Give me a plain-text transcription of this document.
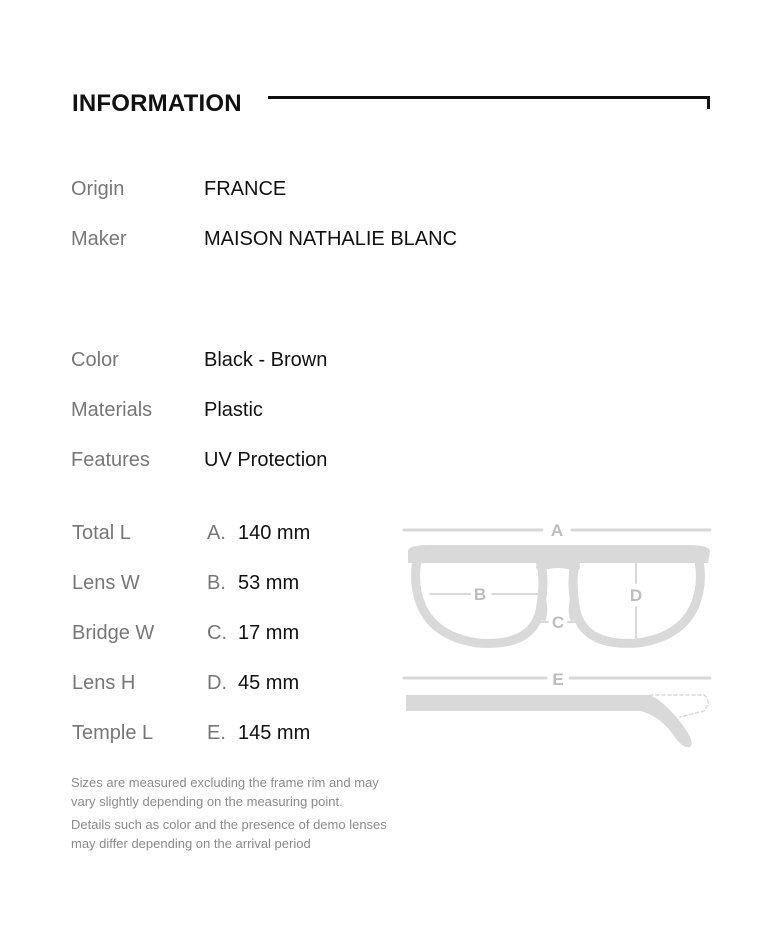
INFORMATION
Origin	FRANCE
Maker	MAISON NATHALIE BLANC
Color	Black - Brown
Materials	Plastic
Features	UV Protection
Total L	A. 140 mm
Lens W	B. 53 mm
Bridge W	C. 17 mm
Lens H	D. 45 mm
Temple L	E. 145 mm
A
B
C
D
E
Sizes are measured excluding the frame rim and may vary slightly depending on the measuring point.
Details such as color and the presence of demo lenses may differ depending on the arrival period
